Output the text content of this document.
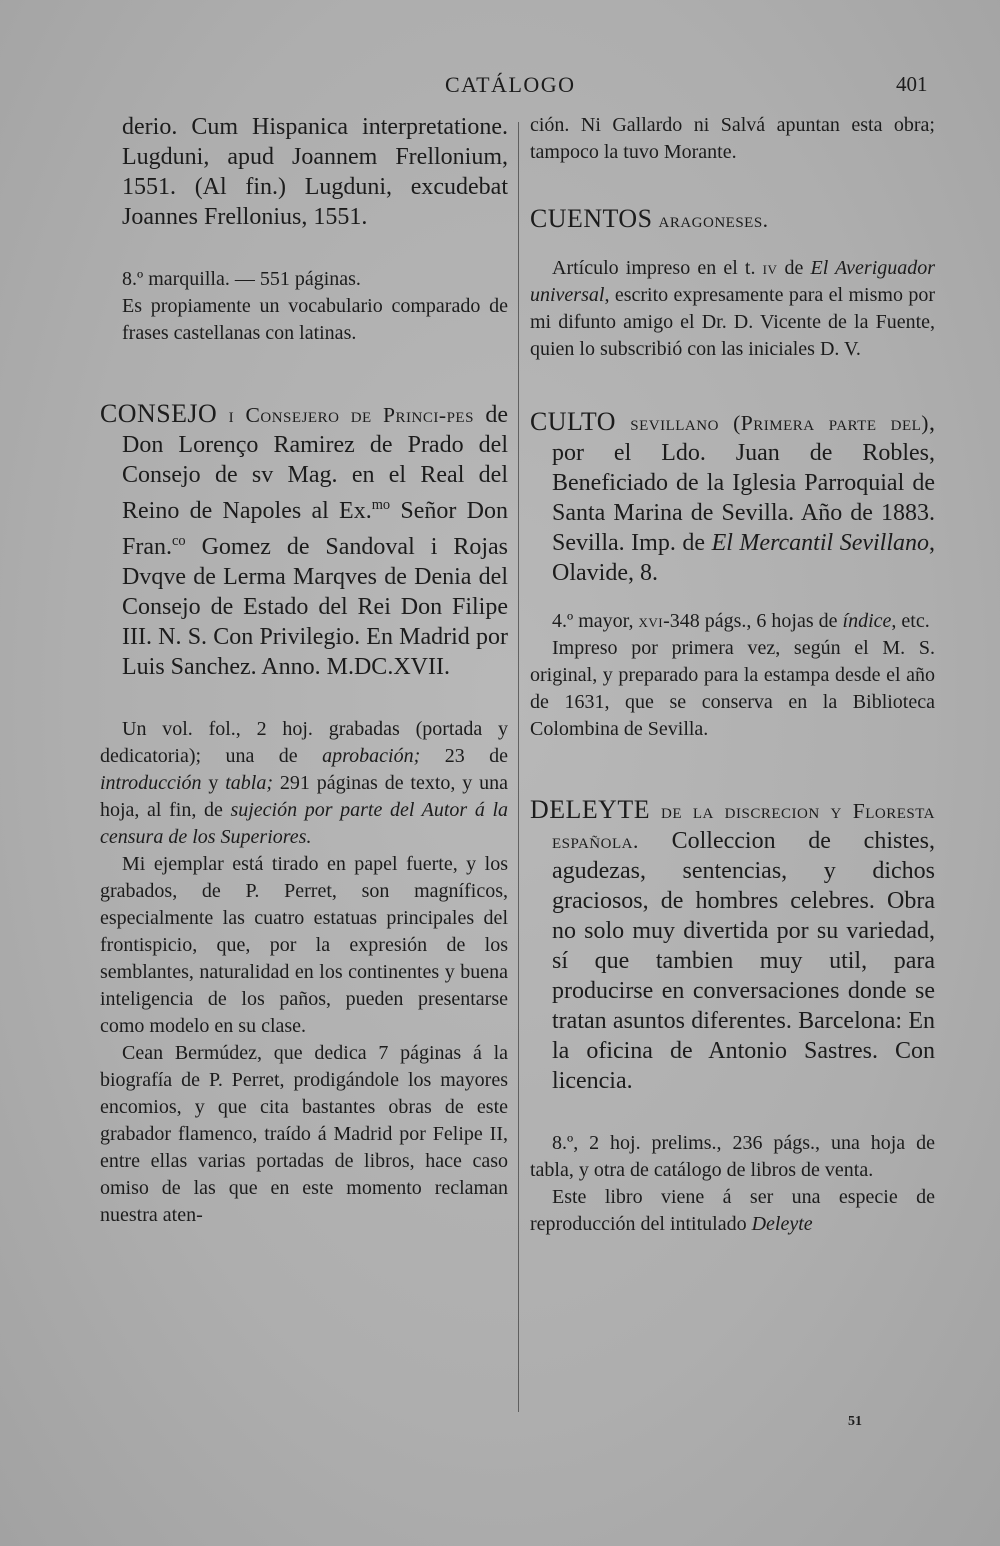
CATÁLOGO	401

derio. Cum Hispanica interpretatione. Lugduni, apud Joannem Frellonium, 1551. (Al fin.) Lugduni, excudebat Joannes Frellonius, 1551.

8.º marquilla. — 551 páginas.

Es propiamente un vocabulario comparado de frases castellanas con latinas.

CONSEJO i Consejero de Princi-pes de Don Lorenço Ramirez de Prado del Consejo de sv Mag. en el Real del Reino de Napoles al Ex.$^{mo}$ Señor Don Fran.$^{co}$ Gomez de Sandoval i Rojas Dvqve de Lerma Marqves de Denia del Consejo de Estado del Rei Don Filipe III. N. S. Con Privilegio. En Madrid por Luis Sanchez. Anno. M.DC.XVII.

Un vol. fol., 2 hoj. grabadas (portada y dedicatoria); una de aprobación; 23 de introducción y tabla; 291 páginas de texto, y una hoja, al fin, de sujeción por parte del Autor á la censura de los Superiores.

Mi ejemplar está tirado en papel fuerte, y los grabados, de P. Perret, son magníficos, especialmente las cuatro estatuas principales del frontispicio, que, por la expresión de los semblantes, naturalidad en los continentes y buena inteligencia de los paños, pueden presentarse como modelo en su clase.

Cean Bermúdez, que dedica 7 páginas á la biografía de P. Perret, prodigándole los mayores encomios, y que cita bastantes obras de este grabador flamenco, traído á Madrid por Felipe II, entre ellas varias portadas de libros, hace caso omiso de las que en este momento reclaman nuestra aten-

ción. Ni Gallardo ni Salvá apuntan esta obra; tampoco la tuvo Morante.

CUENTOS aragoneses.

Artículo impreso en el t. iv de El Averiguador universal, escrito expresamente para el mismo por mi difunto amigo el Dr. D. Vicente de la Fuente, quien lo subscribió con las iniciales D. V.

CULTO sevillano (Primera parte del), por el Ldo. Juan de Robles, Beneficiado de la Iglesia Parroquial de Santa Marina de Sevilla. Año de 1883. Sevilla. Imp. de El Mercantil Sevillano, Olavide, 8.

4.º mayor, xvi-348 págs., 6 hojas de índice, etc.

Impreso por primera vez, según el M. S. original, y preparado para la estampa desde el año de 1631, que se conserva en la Biblioteca Colombina de Sevilla.

DELEYTE de la discrecion y Floresta española. Colleccion de chistes, agudezas, sentencias, y dichos graciosos, de hombres celebres. Obra no solo muy divertida por su variedad, sí que tambien muy util, para producirse en conversaciones donde se tratan asuntos diferentes. Barcelona: En la oficina de Antonio Sastres. Con licencia.

8.º, 2 hoj. prelims., 236 págs., una hoja de tabla, y otra de catálogo de libros de venta.

Este libro viene á ser una especie de reproducción del intitulado Deleyte

51
